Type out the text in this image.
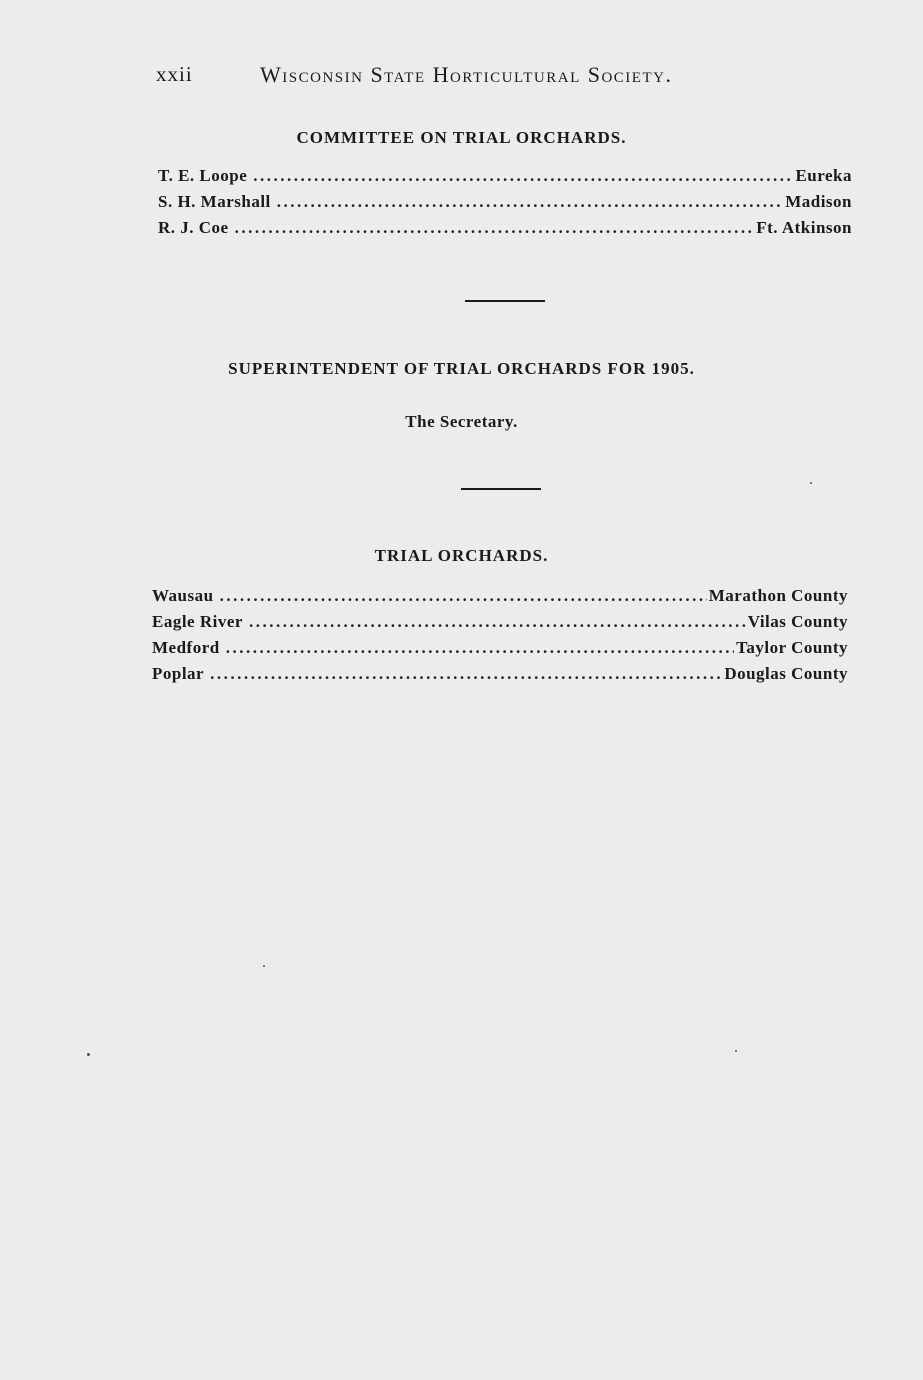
xxii	Wisconsin State Horticultural Society.
COMMITTEE ON TRIAL ORCHARDS.
T. E. Loope .....	Eureka
S. H. Marshall .....	Madison
R. J. Coe .....	Ft. Atkinson
SUPERINTENDENT OF TRIAL ORCHARDS FOR 1905.
The Secretary.
TRIAL ORCHARDS.
Wausau .....	Marathon County
Eagle River .....	Vilas County
Medford .....	Taylor County
Poplar .....	Douglas County
